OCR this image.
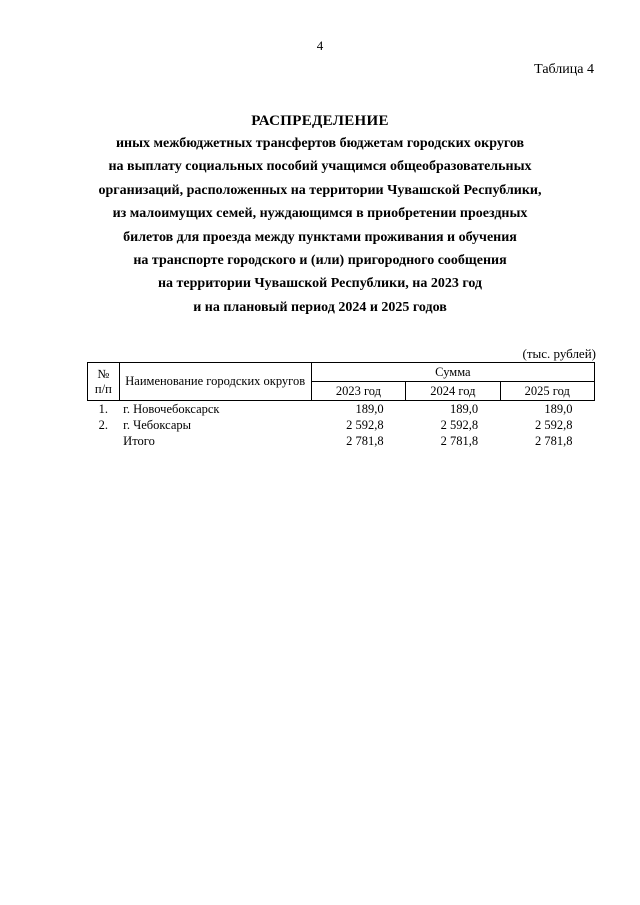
4
Таблица 4
РАСПРЕДЕЛЕНИЕ
иных межбюджетных трансфертов бюджетам городских округов
на выплату социальных пособий учащимся общеобразовательных
организаций, расположенных на территории Чувашской Республики,
из малоимущих семей, нуждающимся в приобретении проездных
билетов для проезда между пунктами проживания и обучения
на транспорте городского и (или) пригородного сообщения
на территории Чувашской Республики, на 2023 год
и на плановый период 2024 и 2025 годов
(тыс. рублей)
№
п/п	Наименование городских округов	Сумма		
		2023 год	2024 год	2025 год
1.	г. Новочебоксарск	189,0	189,0	189,0
2.	г. Чебоксары	2 592,8	2 592,8	2 592,8
	Итого	2 781,8	2 781,8	2 781,8
